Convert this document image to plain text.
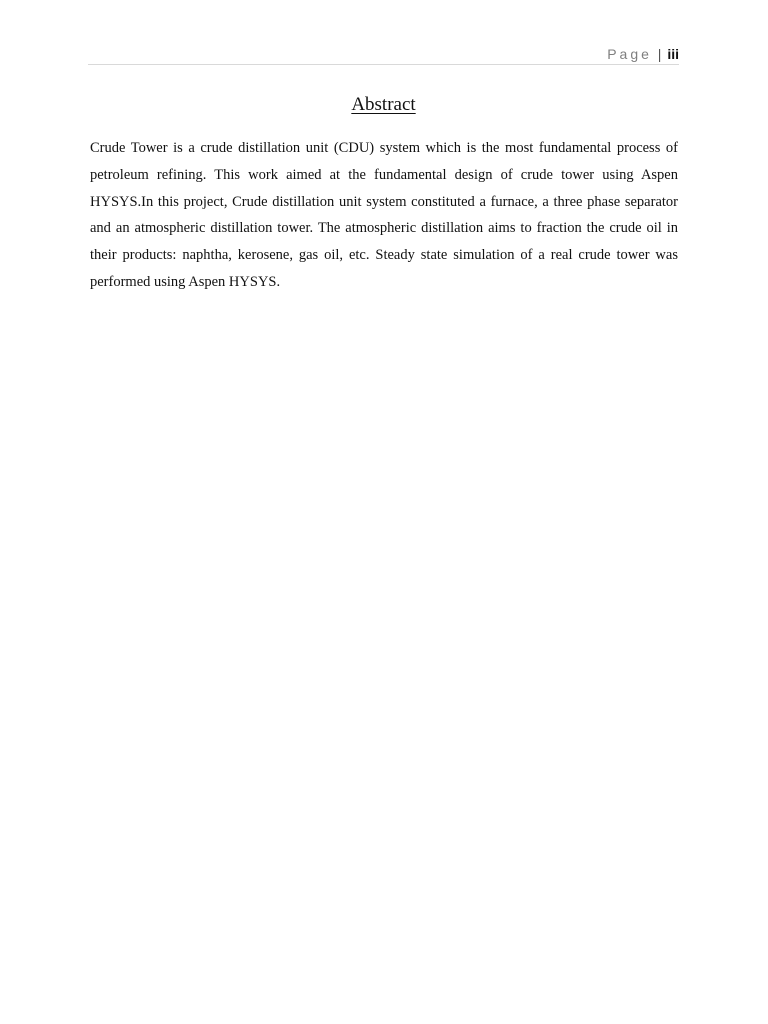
Page | iii
Abstract
Crude Tower is a crude distillation unit (CDU) system which is the most fundamental process of
petroleum refining. This work aimed at the fundamental design of crude tower using Aspen
HYSYS.In this project, Crude distillation unit system constituted a furnace, a three phase separator
and an atmospheric distillation tower. The atmospheric distillation aims to fraction the crude oil in
their products: naphtha, kerosene, gas oil, etc. Steady state simulation of a real crude tower was
performed using Aspen HYSYS.
